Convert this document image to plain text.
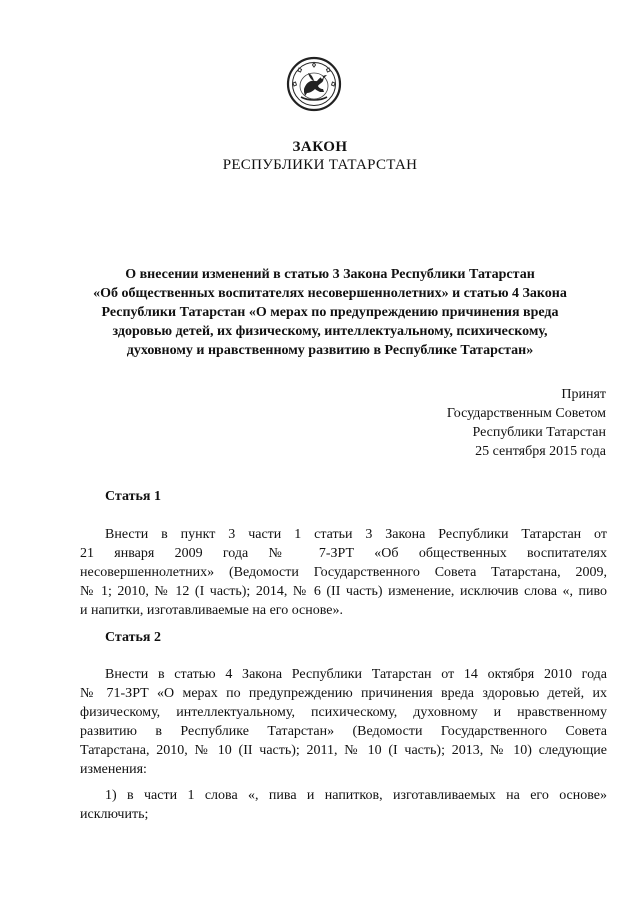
ЗАКОН
РЕСПУБЛИКИ ТАТАРСТАН
О внесении изменений в статью 3 Закона Республики Татарстан
«Об общественных воспитателях несовершеннолетних» и статью 4 Закона
Республики Татарстан «О мерах по предупреждению причинения вреда
здоровью детей, их физическому, интеллектуальному, психическому,
духовному и нравственному развитию в Республике Татарстан»
Принят
Государственным Советом
Республики Татарстан
25 сентября 2015 года
Статья 1
Внести в пункт 3 части 1 статьи 3 Закона Республики Татарстан от
21 января 2009 года № 7-ЗРТ «Об общественных воспитателях
несовершеннолетних» (Ведомости Государственного Совета Татарстана, 2009,
№ 1; 2010, № 12 (I часть); 2014, № 6 (II часть) изменение, исключив слова «, пиво
и напитки, изготавливаемые на его основе».
Статья 2
Внести в статью 4 Закона Республики Татарстан от 14 октября 2010 года
№ 71-ЗРТ «О мерах по предупреждению причинения вреда здоровью детей, их
физическому, интеллектуальному, психическому, духовному и нравственному
развитию в Республике Татарстан» (Ведомости Государственного Совета
Татарстана, 2010, № 10 (II часть); 2011, № 10 (I часть); 2013, № 10) следующие
изменения:
1) в части 1 слова «, пива и напитков, изготавливаемых на его основе»
исключить;
